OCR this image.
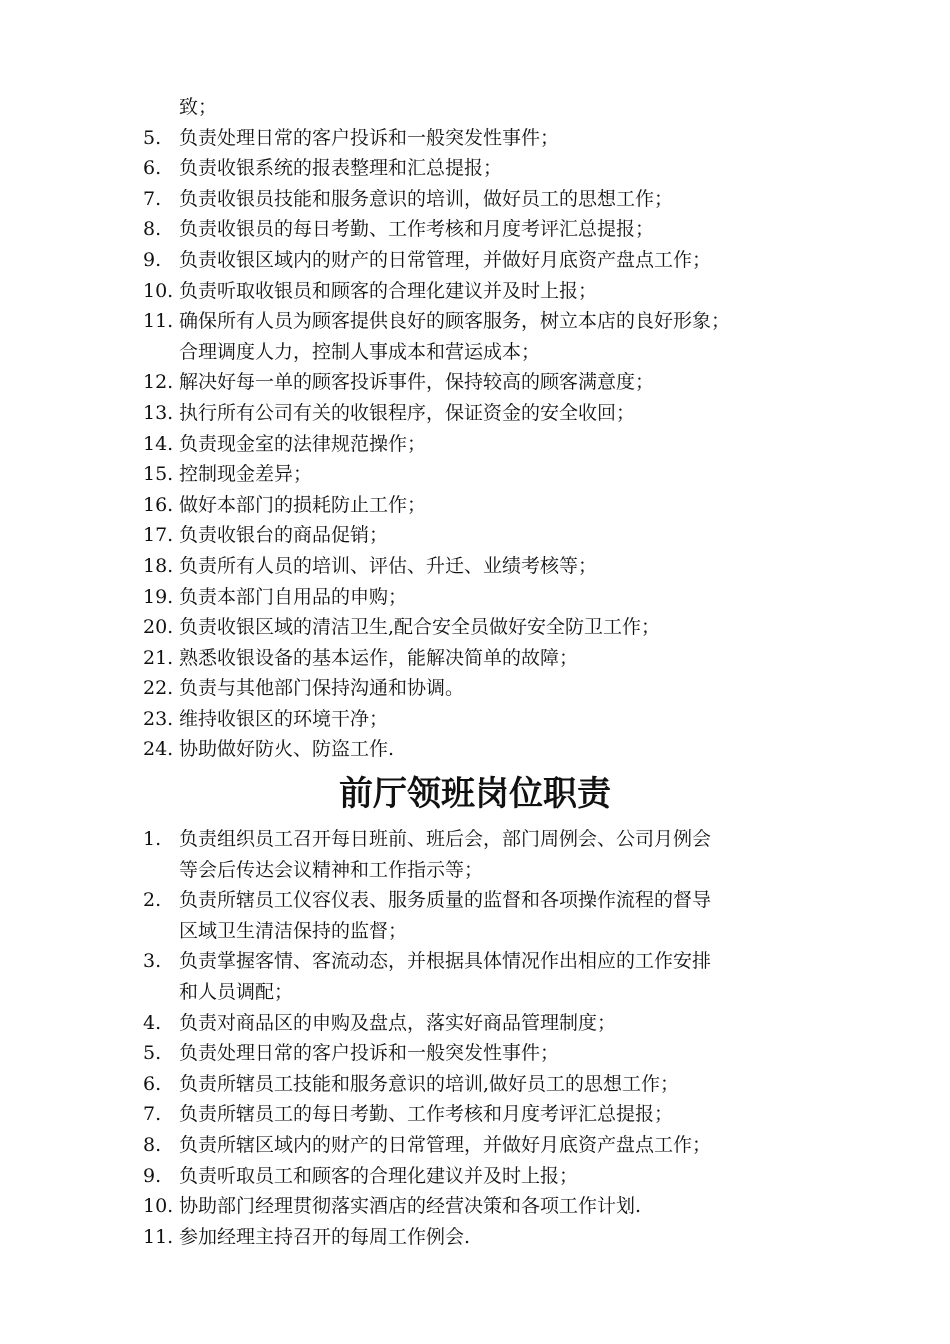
致；
5. 负责处理日常的客户投诉和一般突发性事件；
6. 负责收银系统的报表整理和汇总提报；
7. 负责收银员技能和服务意识的培训，做好员工的思想工作；
8. 负责收银员的每日考勤、工作考核和月度考评汇总提报；
9. 负责收银区域内的财产的日常管理，并做好月底资产盘点工作；
10. 负责听取收银员和顾客的合理化建议并及时上报；
11. 确保所有人员为顾客提供良好的顾客服务，树立本店的良好形象；
合理调度人力，控制人事成本和营运成本；
12. 解决好每一单的顾客投诉事件，保持较高的顾客满意度；
13. 执行所有公司有关的收银程序，保证资金的安全收回；
14. 负责现金室的法律规范操作；
15. 控制现金差异；
16. 做好本部门的损耗防止工作；
17. 负责收银台的商品促销；
18. 负责所有人员的培训、评估、升迁、业绩考核等；
19. 负责本部门自用品的申购；
20. 负责收银区域的清洁卫生,配合安全员做好安全防卫工作；
21. 熟悉收银设备的基本运作，能解决简单的故障；
22. 负责与其他部门保持沟通和协调。
23. 维持收银区的环境干净；
24. 协助做好防火、防盗工作.
前厅领班岗位职责
1. 负责组织员工召开每日班前、班后会，部门周例会、公司月例会
等会后传达会议精神和工作指示等；
2. 负责所辖员工仪容仪表、服务质量的监督和各项操作流程的督导
区域卫生清洁保持的监督；
3. 负责掌握客情、客流动态，并根据具体情况作出相应的工作安排
和人员调配；
4. 负责对商品区的申购及盘点，落实好商品管理制度；
5. 负责处理日常的客户投诉和一般突发性事件；
6. 负责所辖员工技能和服务意识的培训,做好员工的思想工作；
7. 负责所辖员工的每日考勤、工作考核和月度考评汇总提报；
8. 负责所辖区域内的财产的日常管理，并做好月底资产盘点工作；
9. 负责听取员工和顾客的合理化建议并及时上报；
10. 协助部门经理贯彻落实酒店的经营决策和各项工作计划.
11. 参加经理主持召开的每周工作例会.
